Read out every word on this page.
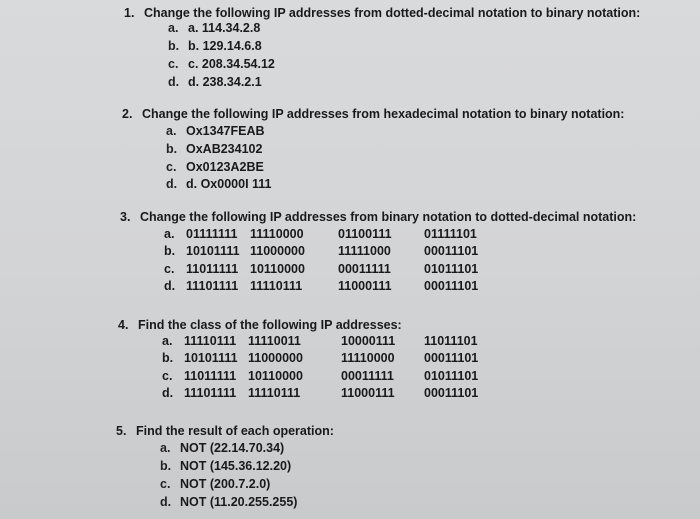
1. Change the following IP addresses from dotted-decimal notation to binary notation:
a. a. 114.34.2.8
b. b. 129.14.6.8
c. c. 208.34.54.12
d. d. 238.34.2.1
2. Change the following IP addresses from hexadecimal notation to binary notation:
a. Ox1347FEAB
b. OxAB234102
c. Ox0123A2BE
d. d. Ox0000I 111
3. Change the following IP addresses from binary notation to dotted-decimal notation:
a. 01111111 11110000	01100111	01111101
b. 10101111 11000000	11111000	00011101
c. 11011111 10110000	00011111	01011101
d. 11101111 11110111	11000111	00011101
4. Find the class of the following IP addresses:
a. 11110111 11110011	10000111 11011101
b. 10101111 11000000	11110000 00011101
c. 11011111 10110000	00011111 01011101
d. 11101111 11110111	11000111 00011101
5. Find the result of each operation:
a. NOT (22.14.70.34)
b. NOT (145.36.12.20)
c. NOT (200.7.2.0)
d. NOT (11.20.255.255)
